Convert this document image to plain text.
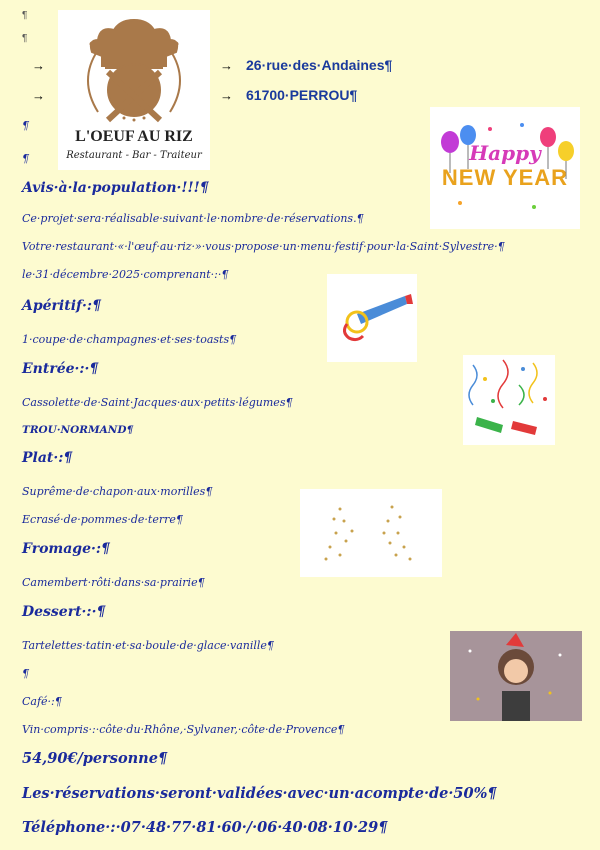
¶
¶
→
→
→
→
26·rue·des·Andaines¶
61700·PERROU¶
L'OEUF AU RIZ
Restaurant - Bar - Traiteur	Happy
NEW YEAR
¶
¶
Avis·à·la·population·!!!¶
Ce·projet·sera·réalisable·suivant·le·nombre·de·réservations.¶
Votre·restaurant·«·l'œuf·au·riz·»·vous·propose·un·menu·festif·pour·la·Saint·Sylvestre·¶
le·31·décembre·2025·comprenant·:·¶
Apéritif·:¶
1·coupe·de·champagnes·et·ses·toasts¶
Entrée·:·¶
Cassolette·de·Saint·Jacques·aux·petits·légumes¶
TROU·NORMAND¶
Plat·:¶
Suprême·de·chapon·aux·morilles¶
Ecrasé·de·pommes·de·terre¶
Fromage·:¶
Camembert·rôti·dans·sa·prairie¶
Dessert·:·¶
Tartelettes·tatin·et·sa·boule·de·glace·vanille¶
¶
Café·:¶
Vin·compris·:·côte·du·Rhône,·Sylvaner,·côte·de·Provence¶
54,90€/personne¶
Les·réservations·seront·validées·avec·un·acompte·de·50%¶
Téléphone·:·07·48·77·81·60·/·06·40·08·10·29¶
